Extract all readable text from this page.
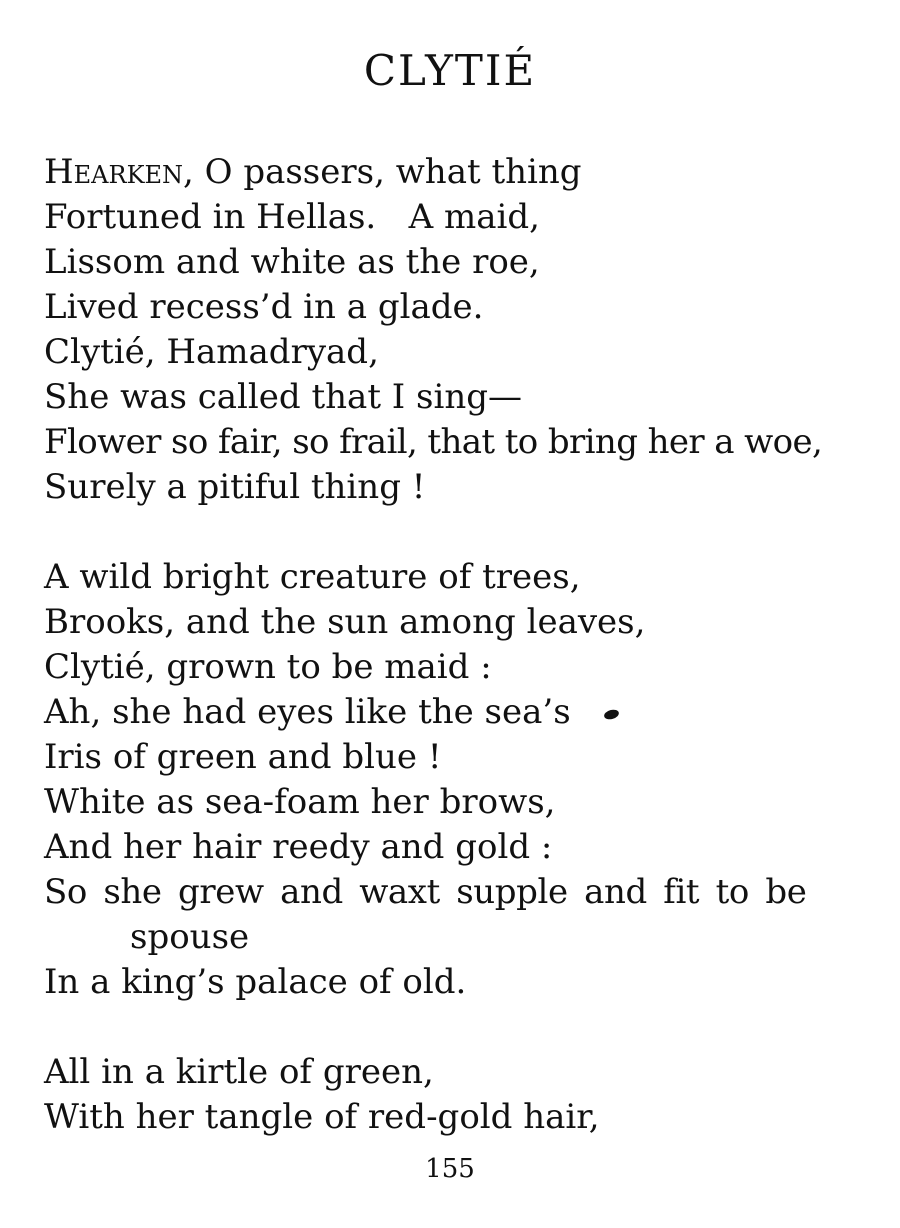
CLYTIÉ
Hearken, O passers, what thing
Fortuned in Hellas.   A maid,
Lissom and white as the roe,
Lived recess’d in a glade.
Clytié, Hamadryad,
She was called that I sing—
Flower so fair, so frail, that to bring her a woe,
Surely a pitiful thing !
A wild bright creature of trees,
Brooks, and the sun among leaves,
Clytié, grown to be maid :
Ah, she had eyes like the sea’s
Iris of green and blue !
White as sea-foam her brows,
And her hair reedy and gold :
So she grew and waxt supple and fit to be
spouse
In a king’s palace of old.
All in a kirtle of green,
With her tangle of red-gold hair,
155
